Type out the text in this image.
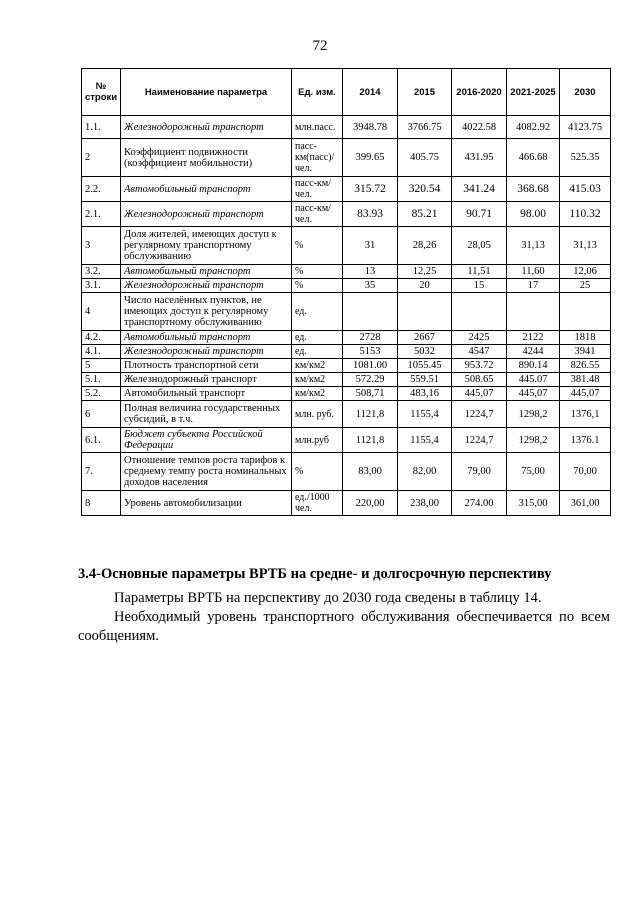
72
№ строки	Наименование параметра	Ед. изм.	2014	2015	2016-2020	2021-2025	2030
1.1.	Железнодорожный транспорт	млн.пасс.	3948.78	3766.75	4022.58	4082.92	4123.75
2	Коэффициент подвижности (коэффициент мобильности)	пасс-км(пасс)/чел.	399.65	405.75	431.95	466.68	525.35
2.2.	Автомобильный транспорт	пасс-км/чел.	315.72	320.54	341.24	368.68	415.03
2.1.	Железнодорожный транспорт	пасс-км/чел.	83.93	85.21	90.71	98.00	110.32
3	Доля жителей, имеющих доступ к регулярному транспортному обслуживанию	%	31	28,26	28,05	31,13	31,13
3.2.	Автомобильный транспорт	%	13	12,25	11,51	11,60	12,06
3.1.	Железнодорожный транспорт	%	35	20	15	17	25
4	Число населённых пунктов, не имеющих доступ к регулярному транспортному обслуживанию	ед.					
4.2.	Автомобильный транспорт	ед.	2728	2667	2425	2122	1818
4.1.	Железнодорожный транспорт	ед.	5153	5032	4547	4244	3941
5	Плотность транспортной сети	км/км2	1081.00	1055.45	953.72	890.14	826.55
5.1.	Железнодорожный транспорт	км/км2	572.29	559.51	508.65	445.07	381.48
5.2.	Автомобильный транспорт	км/км2	508,71	483,16	445,07	445,07	445,07
6	Полная величина государственных субсидий, в т.ч.	млн. руб.	1121,8	1155,4	1224,7	1298,2	1376,1
6.1.	Бюджет субъекта Российской Федерации	млн.руб	1121,8	1155,4	1224,7	1298,2	1376.1
7.	Отношение темпов роста тарифов к среднему темпу роста номинальных доходов населения	%	83,00	82,00	79,00	75,00	70,00
8	Уровень автомобилизации	ед./1000 чел.	220,00	238,00	274.00	315,00	361,00
3.4-Основные параметры ВРТБ на средне- и долгосрочную перспективу

Параметры ВРТБ на перспективу до 2030 года сведены в таблицу 14.

Необходимый уровень транспортного обслуживания обеспечивается по всем сообщениям.
